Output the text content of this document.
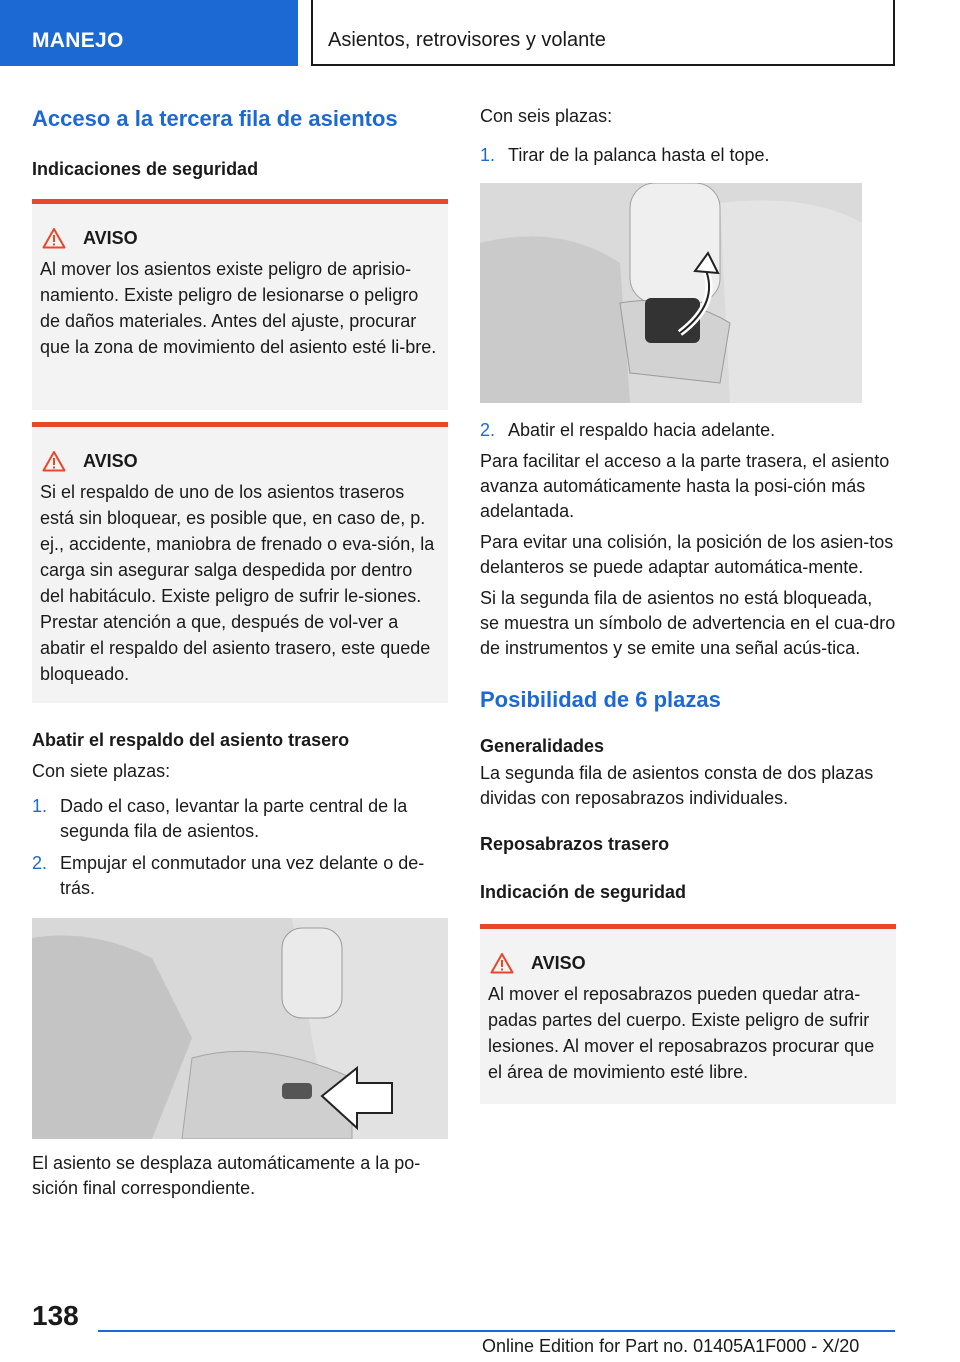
MANEJO	Asientos, retrovisores y volante
Acceso a la tercera fila de asientos
Indicaciones de seguridad
AVISO
Al mover los asientos existe peligro de aprisio-namiento. Existe peligro de lesionarse o peligro de daños materiales. Antes del ajuste, procurar que la zona de movimiento del asiento esté li-bre.
AVISO
Si el respaldo de uno de los asientos traseros está sin bloquear, es posible que, en caso de, p. ej., accidente, maniobra de frenado o eva-sión, la carga sin asegurar salga despedida por dentro del habitáculo. Existe peligro de sufrir le-siones. Prestar atención a que, después de vol-ver a abatir el respaldo del asiento trasero, este quede bloqueado.
Abatir el respaldo del asiento trasero
Con siete plazas:
1. Dado el caso, levantar la parte central de la segunda fila de asientos.
2. Empujar el conmutador una vez delante o de-trás.
El asiento se desplaza automáticamente a la po-sición final correspondiente.
Con seis plazas:
1. Tirar de la palanca hasta el tope.
2. Abatir el respaldo hacia adelante.
Para facilitar el acceso a la parte trasera, el asiento avanza automáticamente hasta la posi-ción más adelantada.
Para evitar una colisión, la posición de los asien-tos delanteros se puede adaptar automática-mente.
Si la segunda fila de asientos no está bloqueada, se muestra un símbolo de advertencia en el cua-dro de instrumentos y se emite una señal acús-tica.
Posibilidad de 6 plazas
Generalidades
La segunda fila de asientos consta de dos plazas dividas con reposabrazos individuales.
Reposabrazos trasero
Indicación de seguridad
AVISO
Al mover el reposabrazos pueden quedar atra-padas partes del cuerpo. Existe peligro de sufrir lesiones. Al mover el reposabrazos procurar que el área de movimiento esté libre.
138
Online Edition for Part no. 01405A1F000 - X/20
